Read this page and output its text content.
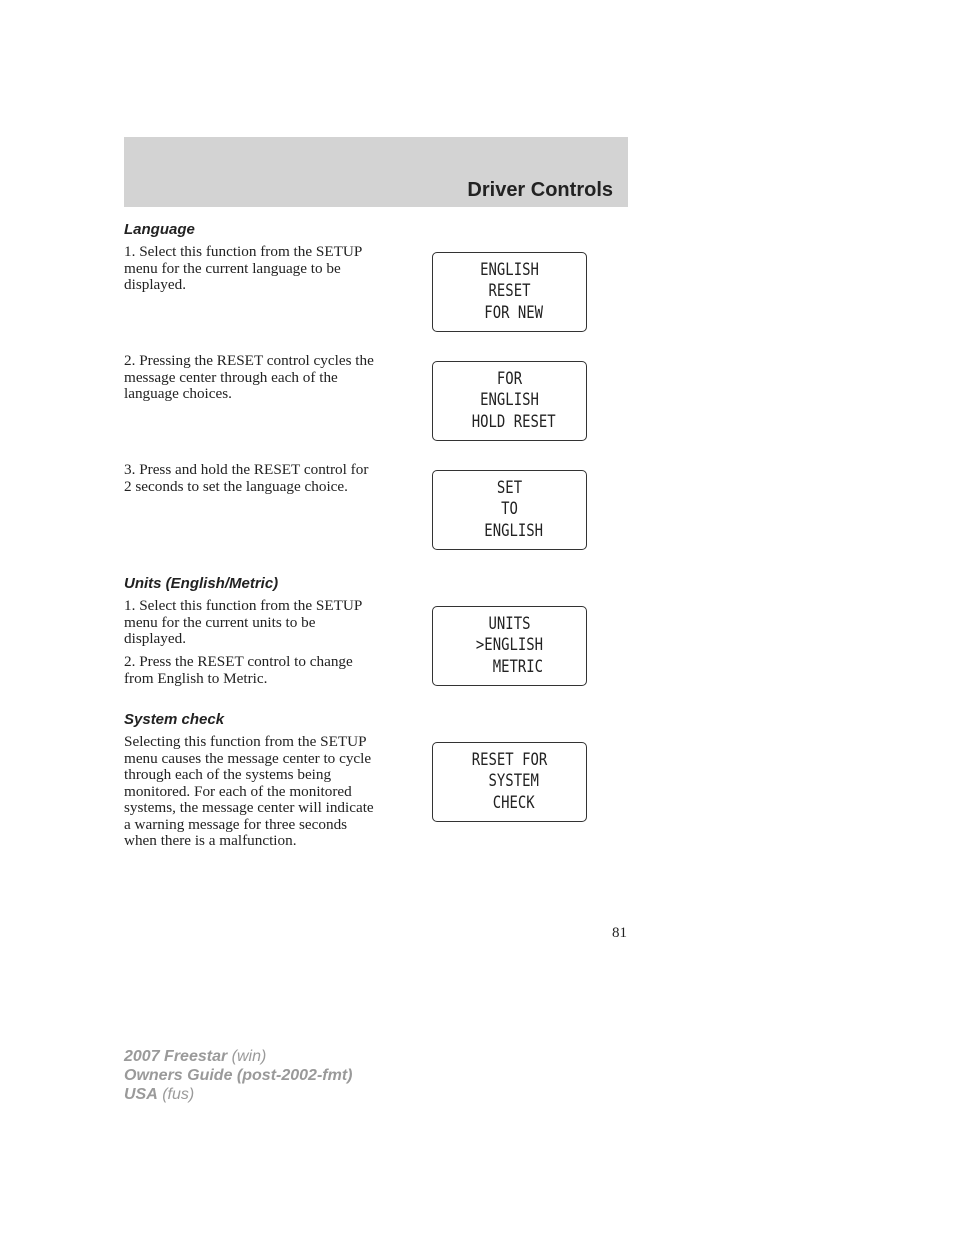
Driver Controls
Language
1. Select this function from the SETUP menu for the current language to be displayed.
2. Pressing the RESET control cycles the message center through each of the language choices.
3. Press and hold the RESET control for 2 seconds to set the language choice.
Units (English/Metric)
1. Select this function from the SETUP menu for the current units to be displayed.
2. Press the RESET control to change from English to Metric.
System check
Selecting this function from the SETUP menu causes the message center to cycle through each of the systems being monitored. For each of the monitored systems, the message center will indicate a warning message for three seconds when there is a malfunction.
ENGLISH
RESET
FOR NEW
FOR
ENGLISH
HOLD RESET
SET
TO
ENGLISH
UNITS
>ENGLISH
METRIC
RESET FOR
SYSTEM
CHECK
81
2007 Freestar (win)
Owners Guide (post-2002-fmt)
USA (fus)
